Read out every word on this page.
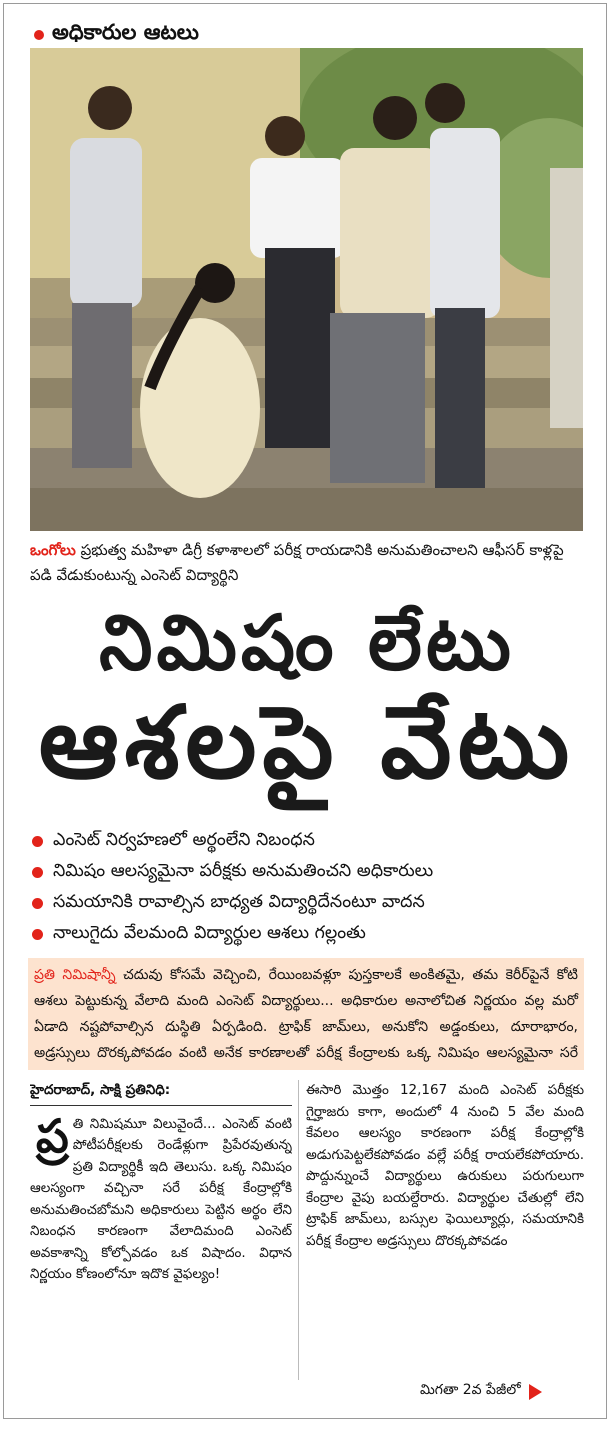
అధికారుల ఆటలు
ఒంగోలు ప్రభుత్వ మహిళా డిగ్రీ కళాశాలలో పరీక్ష రాయడానికి అనుమతించాలని ఆఫీసర్ కాళ్లపై పడి వేడుకుంటున్న ఎంసెట్ విద్యార్థిని
నిమిషం లేటు
ఆశలపై వేటు
ఎంసెట్ నిర్వహణలో అర్థంలేని నిబంధన
నిమిషం ఆలస్యమైనా పరీక్షకు అనుమతించని అధికారులు
సమయానికి రావాల్సిన బాధ్యత విద్యార్థిదేనంటూ వాదన
నాలుగైదు వేలమంది విద్యార్థుల ఆశలు గల్లంతు
ప్రతి నిమిషాన్నీ చదువు కోసమే వెచ్చించి, రేయింబవళ్లూ పుస్తకాలకే అంకితమై, తమ కెరీర్‌పైనే కోటి ఆశలు పెట్టుకున్న వేలాది మంది ఎంసెట్ విద్యార్థులు... అధికారుల అనాలోచిత నిర్ణయం వల్ల మరో ఏడాది నష్టపోవాల్సిన దుస్థితి ఏర్పడింది. ట్రాఫిక్ జామ్‌లు, అనుకోని అడ్డంకులు, దూరాభారం, అడ్రస్సులు దొరక్కపోవడం వంటి అనేక కారణాలతో పరీక్ష కేంద్రాలకు ఒక్క నిమిషం ఆలస్యమైనా సరే
హైదరాబాద్, సాక్షి ప్రతినిధి:
ప్ర తి నిమిషమూ విలువైందే... ఎంసెట్ వంటి పోటీపరీక్షలకు రెండేళ్లుగా ప్రిపేరవుతున్న ప్రతి విద్యార్థికీ ఇది తెలుసు. ఒక్క నిమిషం ఆలస్యంగా వచ్చినా సరే పరీక్ష కేంద్రాల్లోకి అనుమతించబోమని అధికారులు పెట్టిన అర్థం లేని నిబంధన కారణంగా వేలాదిమంది ఎంసెట్ అవకాశాన్ని కోల్పోవడం ఒక విషాదం. విధాన నిర్ణయం కోణంలోనూ ఇదొక వైఫల్యం!
ఈసారి మొత్తం 12,167 మంది ఎంసెట్ పరీక్షకు గైర్హాజరు కాగా, అందులో 4 నుంచి 5 వేల మంది కేవలం ఆలస్యం కారణంగా పరీక్ష కేంద్రాల్లోకి అడుగుపెట్టలేకపోవడం వల్లే పరీక్ష రాయలేకపోయారు. పొద్దున్నుంచే విద్యార్థులు ఉరుకులు పరుగులుగా కేంద్రాల వైపు బయల్దేరారు. విద్యార్థుల చేతుల్లో లేని ట్రాఫిక్ జామ్‌లు, బస్సుల ఫెయిల్యూర్లు, సమయానికి పరీక్ష కేంద్రాల అడ్రస్సులు దొరక్కపోవడం
మిగతా 2వ పేజీలో
